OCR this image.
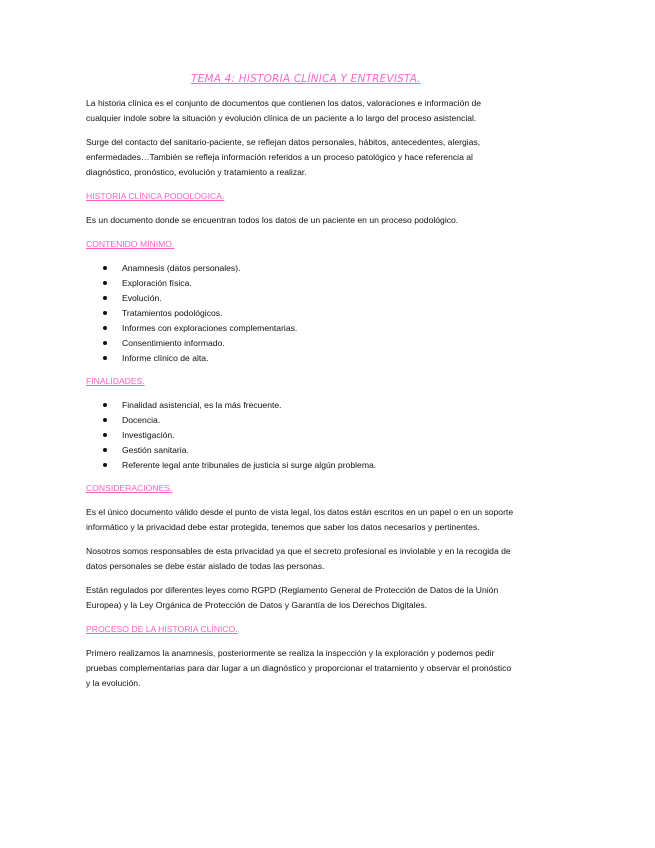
TEMA 4: HISTORIA CLÍNICA Y ENTREVISTA.

La historia clínica es el conjunto de documentos que contienen los datos, valoraciones e información de cualquier índole sobre la situación y evolución clínica de un paciente a lo largo del proceso asistencial.

Surge del contacto del sanitario-paciente, se reflejan datos personales, hábitos, antecedentes, alergias, enfermedades…También se refleja información referidos a un proceso patológico y hace referencia al diagnóstico, pronóstico, evolución y tratamiento a realizar.

HISTORIA CLÍNICA PODOLÓGICA.

Es un documento donde se encuentran todos los datos de un paciente en un proceso podológico.

CONTENIDO MÍNIMO.
Anamnesis (datos personales).
Exploración física.
Evolución.
Tratamientos podológicos.
Informes con exploraciones complementarias.
Consentimiento informado.
Informe clínico de alta.
FINALIDADES.
Finalidad asistencial, es la más frecuente.
Docencia.
Investigación.
Gestión sanitaria.
Referente legal ante tribunales de justicia si surge algún problema.
CONSIDERACIONES.

Es el único documento válido desde el punto de vista legal, los datos están escritos en un papel o en un soporte informático y la privacidad debe estar protegida, tenemos que saber los datos necesarios y pertinentes.

Nosotros somos responsables de esta privacidad ya que el secreto profesional es inviolable y en la recogida de datos personales se debe estar aislado de todas las personas.

Están regulados por diferentes leyes como RGPD (Reglamento General de Protección de Datos de la Unión Europea) y la Ley Orgánica de Protección de Datos y Garantía de los Derechos Digitales.

PROCESO DE LA HISTORIA CLÍNICO.

Primero realizamos la anamnesis, posteriormente se realiza la inspección y la exploración y podemos pedir pruebas complementarias para dar lugar a un diagnóstico y proporcionar el tratamiento y observar el pronóstico y la evolución.
